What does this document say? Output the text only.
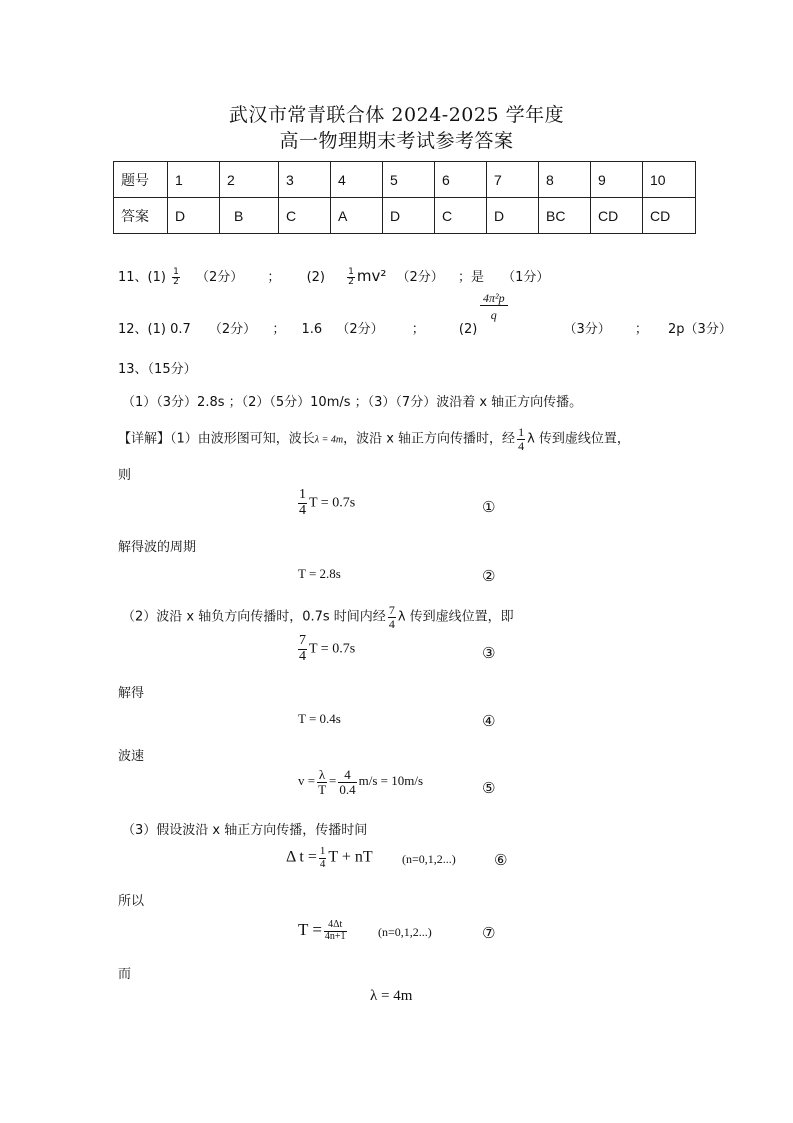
武汉市常青联合体 2024-2025 学年度
高一物理期末考试参考答案
题号	1	2	3	4	5	6	7	8	9	10
答案	D	B	C	A	D	C	D	BC	CD	CD
11、$(1) \frac{1}{2} (2$分） ； $(2) \frac{1}{2} mv^2$ （2分） ；是 （1分）
12、(1) 0.7 （2分） ； 1.6 （2分） ；	(2)	（3分） ； 2p（3分）
$\frac{\text{4π²p}}{q}$
13、（15分）
（1）（3分）2.8s ；（2）（5分）10m/s ；（3）（7分）波沿着 x 轴正方向传播。
【详解】（1）由波形图可知，波长λ = 4m，波沿 x 轴正方向传播时，经 $\frac{1}{4}$ λ 传到虚线位置，
则
$\frac{1}{4}$ T = 0.7s	①
解得波的周期
T = 2.8s	②
（2）波沿 x 轴负方向传播时，0.7s 时间内经 $\frac{7}{4}$ λ 传到虚线位置，即
$\frac{7}{4}$ T = 0.7s	③
解得
T = 0.4s	④
波速
$v = \frac{\lambda}{T} = \frac{4}{0.4} m/s = 10m/s$	⑤
（3）假设波沿 x 轴正方向传播，传播时间
Δ $t = \frac{1}{4}$ T + nT (n=0,1,2...)	⑥
所以
$T = \frac{4\Delta t}{4n+1}$	(n=0,1,2...)	⑦
而
λ = 4m
